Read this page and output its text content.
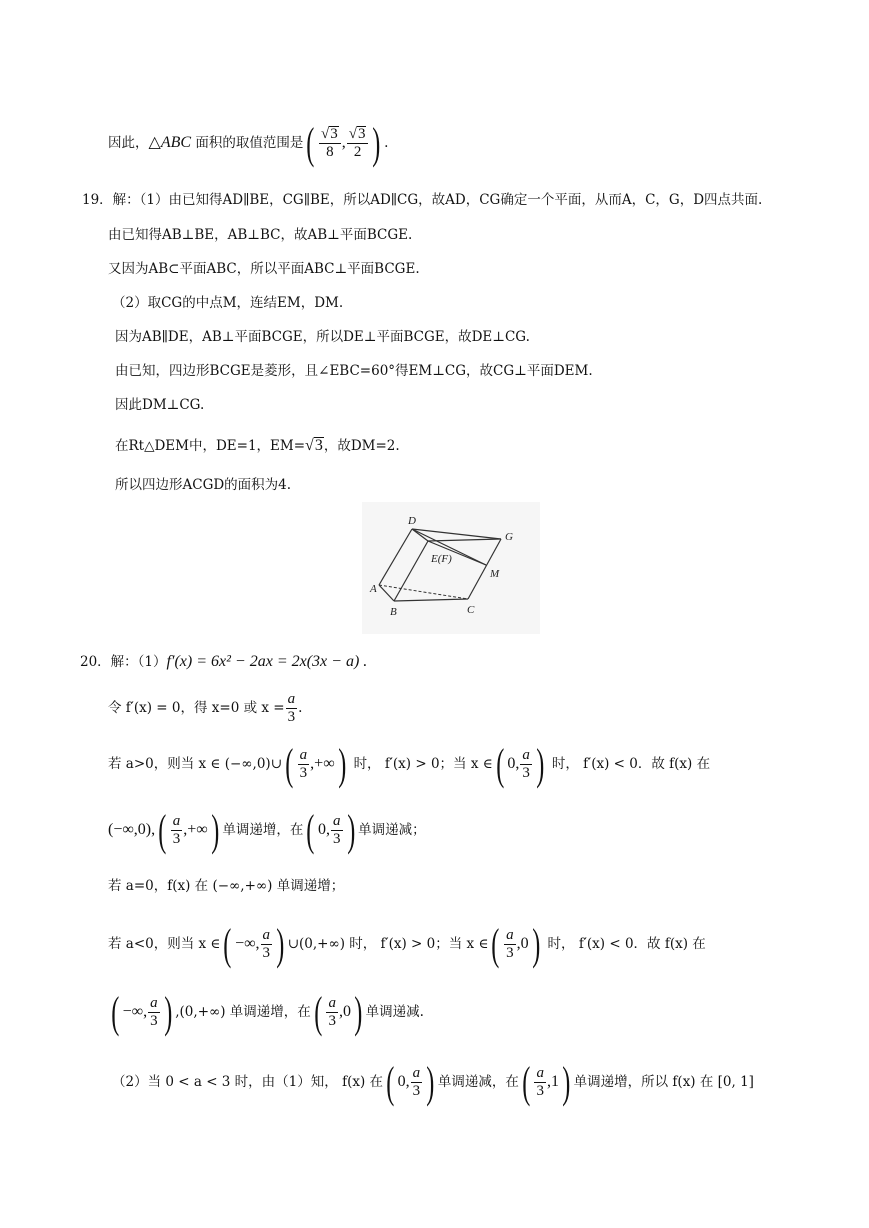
因此，△ABC 面积的取值范围是( $\frac{√3}{8}$ , $\frac{√3}{2}$ ) .
19．解：（1）由已知得AD∥BE，CG∥BE，所以AD∥CG，故AD，CG确定一个平面，从而A，C，G，D四点共面.
由已知得AB⊥BE，AB⊥BC，故AB⊥平面BCGE.
又因为AB⊂平面ABC，所以平面ABC⊥平面BCGE.
（2）取CG的中点M，连结EM，DM.
因为AB∥DE，AB⊥平面BCGE，所以DE⊥平面BCGE，故DE⊥CG.
由已知，四边形BCGE是菱形，且∠EBC=60°得EM⊥CG，故CG⊥平面DEM.
因此DM⊥CG.
在Rt△DEM中，DE=1，EM=√3，故DM=2.
所以四边形ACGD的面积为4.
D
G
E(F)
M
A
B	C
20．解：（1）f′(x) = 6x² − 2ax = 2x(3x − a) .
令 f′(x) = 0，得 x=0 或 $x = \frac{a}{3}$ .
若 a>0，则当 x ∈ (−∞,0)∪( $\frac{a}{3}$ ,+∞) 时， f′(x) > 0；当 x ∈( 0, $\frac{a}{3}$ ) 时， f′(x) < 0．故 f(x) 在
$(-\infty,0),( \frac{a}{3}$ ,+∞) 单调递增，在( 0, $\frac{a}{3}$ ) 单调递减；
若 a=0，f(x) 在 (−∞,+∞) 单调递增；
若 a<0，则当 x ∈( −∞, $\frac{a}{3}$ ) ∪(0,+∞) 时， f′(x) > 0；当 x ∈( $\frac{a}{3} ,0$) 时， f′(x) < 0．故 f(x) 在
( −∞, $\frac{a}{3}$ ) ,(0,+∞) 单调递增，在( $\frac{a}{3} ,0$) 单调递减.
（2）当 0 < a < 3 时，由（1）知， f(x) 在( 0, $\frac{a}{3}$ ) 单调递减，在( $\frac{a}{3} ,1$) 单调递增，所以 f(x) 在 [0, 1]
